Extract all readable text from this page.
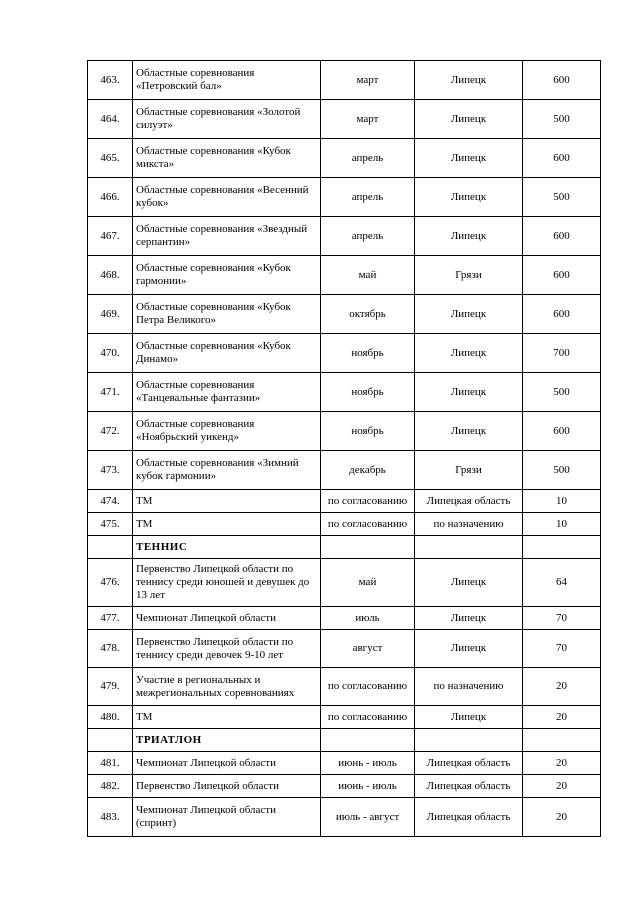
463.	Областные соревнования «Петровский бал»	март	Липецк	600
464.	Областные соревнования «Золотой силуэт»	март	Липецк	500
465.	Областные соревнования «Кубок микста»	апрель	Липецк	600
466.	Областные соревнования «Весенний кубок»	апрель	Липецк	500
467.	Областные соревнования «Звездный серпантин»	апрель	Липецк	600
468.	Областные соревнования «Кубок гармонии»	май	Грязи	600
469.	Областные соревнования «Кубок Петра Великого»	октябрь	Липецк	600
470.	Областные соревнования «Кубок Динамо»	ноябрь	Липецк	700
471.	Областные соревнования «Танцевальные фантазии»	ноябрь	Липецк	500
472.	Областные соревнования «Ноябрьский уикенд»	ноябрь	Липецк	600
473.	Областные соревнования «Зимний кубок гармонии»	декабрь	Грязи	500
474.	ТМ	по согласованию	Липецкая область	10
475.	ТМ	по согласованию	по назначению	10
	ТЕННИС			
476.	Первенство Липецкой области по теннису среди юношей и девушек до 13 лет	май	Липецк	64
477.	Чемпионат Липецкой области	июль	Липецк	70
478.	Первенство Липецкой области по теннису среди девочек 9-10 лет	август	Липецк	70
479.	Участие в региональных и межрегиональных соревнованиях	по согласованию	по назначению	20
480.	ТМ	по согласованию	Липецк	20
	ТРИАТЛОН			
481.	Чемпионат Липецкой области	июнь - июль	Липецкая область	20
482.	Первенство Липецкой области	июнь - июль	Липецкая область	20
483.	Чемпионат Липецкой области (спринт)	июль - август	Липецкая область	20
